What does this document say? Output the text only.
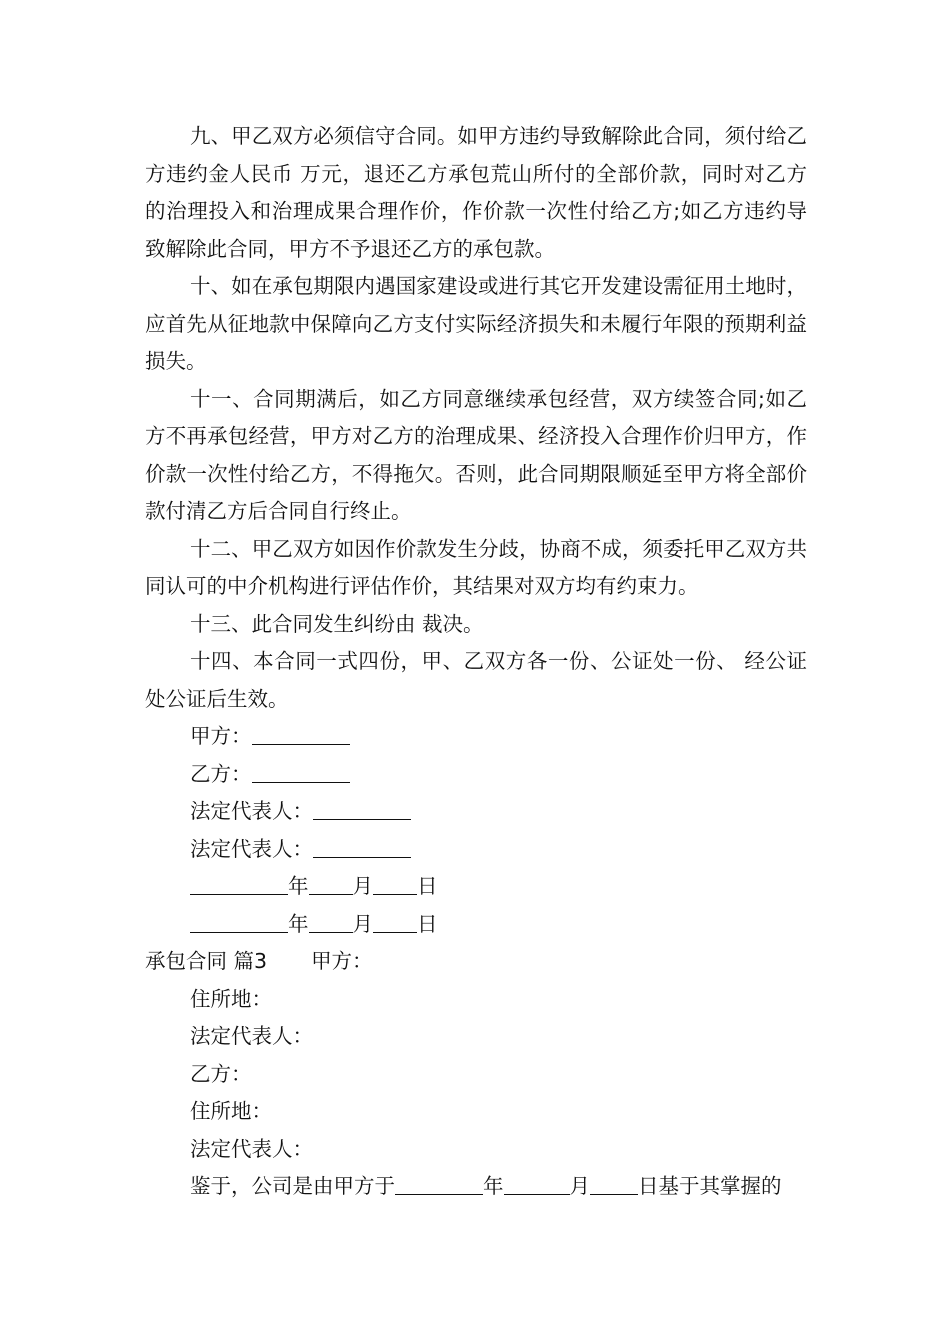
九、甲乙双方必须信守合同。如甲方违约导致解除此合同，须付给乙方违约金人民币 万元，退还乙方承包荒山所付的全部价款，同时对乙方的治理投入和治理成果合理作价，作价款一次性付给乙方;如乙方违约导致解除此合同，甲方不予退还乙方的承包款。

十、如在承包期限内遇国家建设或进行其它开发建设需征用土地时，应首先从征地款中保障向乙方支付实际经济损失和未履行年限的预期利益损失。

十一、合同期满后，如乙方同意继续承包经营，双方续签合同;如乙方不再承包经营，甲方对乙方的治理成果、经济投入合理作价归甲方，作价款一次性付给乙方，不得拖欠。否则，此合同期限顺延至甲方将全部价款付清乙方后合同自行终止。

十二、甲乙双方如因作价款发生分歧，协商不成，须委托甲乙双方共同认可的中介机构进行评估作价，其结果对双方均有约束力。

十三、此合同发生纠纷由 裁决。

十四、本合同一式四份，甲、乙双方各一份、公证处一份、 经公证处公证后生效。

甲方：
乙方：
法定代表人：
法定代表人：
年 月 日
年 月 日
承包合同 篇3 甲方：
住所地：
法定代表人：
乙方：
住所地：
法定代表人：
鉴于，公司是由甲方于	年	月 日基于其掌握的
